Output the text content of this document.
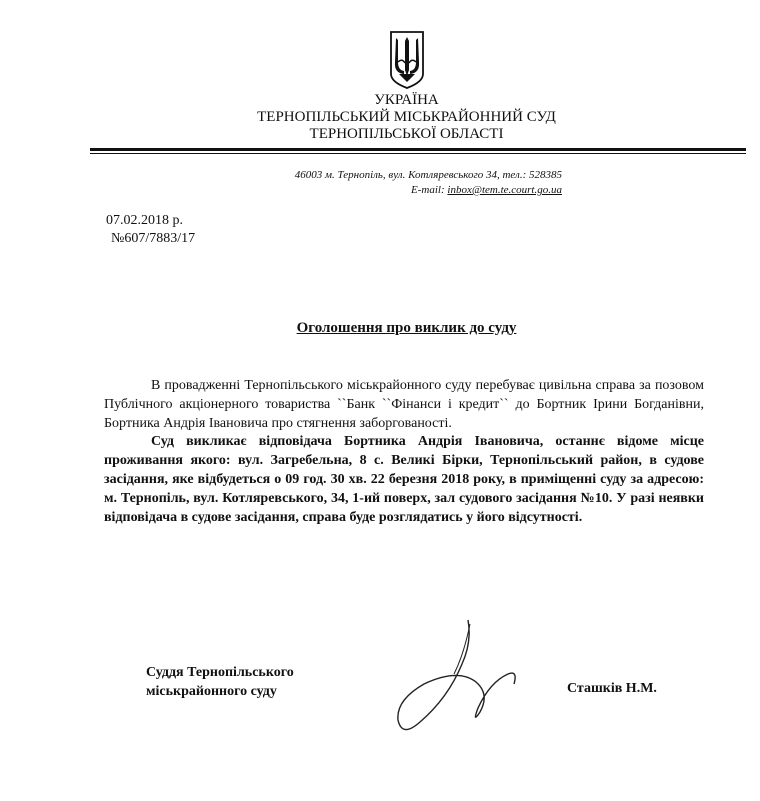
УКРАЇНА
ТЕРНОПІЛЬСЬКИЙ МІСЬКРАЙОННИЙ СУД
ТЕРНОПІЛЬСЬКОЇ ОБЛАСТІ
46003 м. Тернопіль, вул. Котляревського 34, тел.: 528385
E-mail: inbox@tem.te.court.go.ua
07.02.2018 р.
№607/7883/17
Оголошення про виклик до суду

В провадженні Тернопільського міськрайонного суду перебуває цивільна справа за позовом Публічного акціонерного товариства ``Банк ``Фінанси і кредит`` до Бортник Ірини Богданівни, Бортника Андрія Івановича про стягнення заборгованості.

Суд викликає відповідача Бортника Андрія Івановича, останнє відоме місце проживання якого: вул. Загребельна, 8 с. Великі Бірки, Тернопільський район, в судове засідання, яке відбудеться о 09 год. 30 хв. 22 березня 2018 року, в приміщенні суду за адресою: м. Тернопіль, вул. Котляревського, 34, 1-ий поверх, зал судового засідання №10. У разі неявки відповідача в судове засідання, справа буде розглядатись у його відсутності.

Суддя Тернопільського
міськрайонного суду	Сташків Н.М.
